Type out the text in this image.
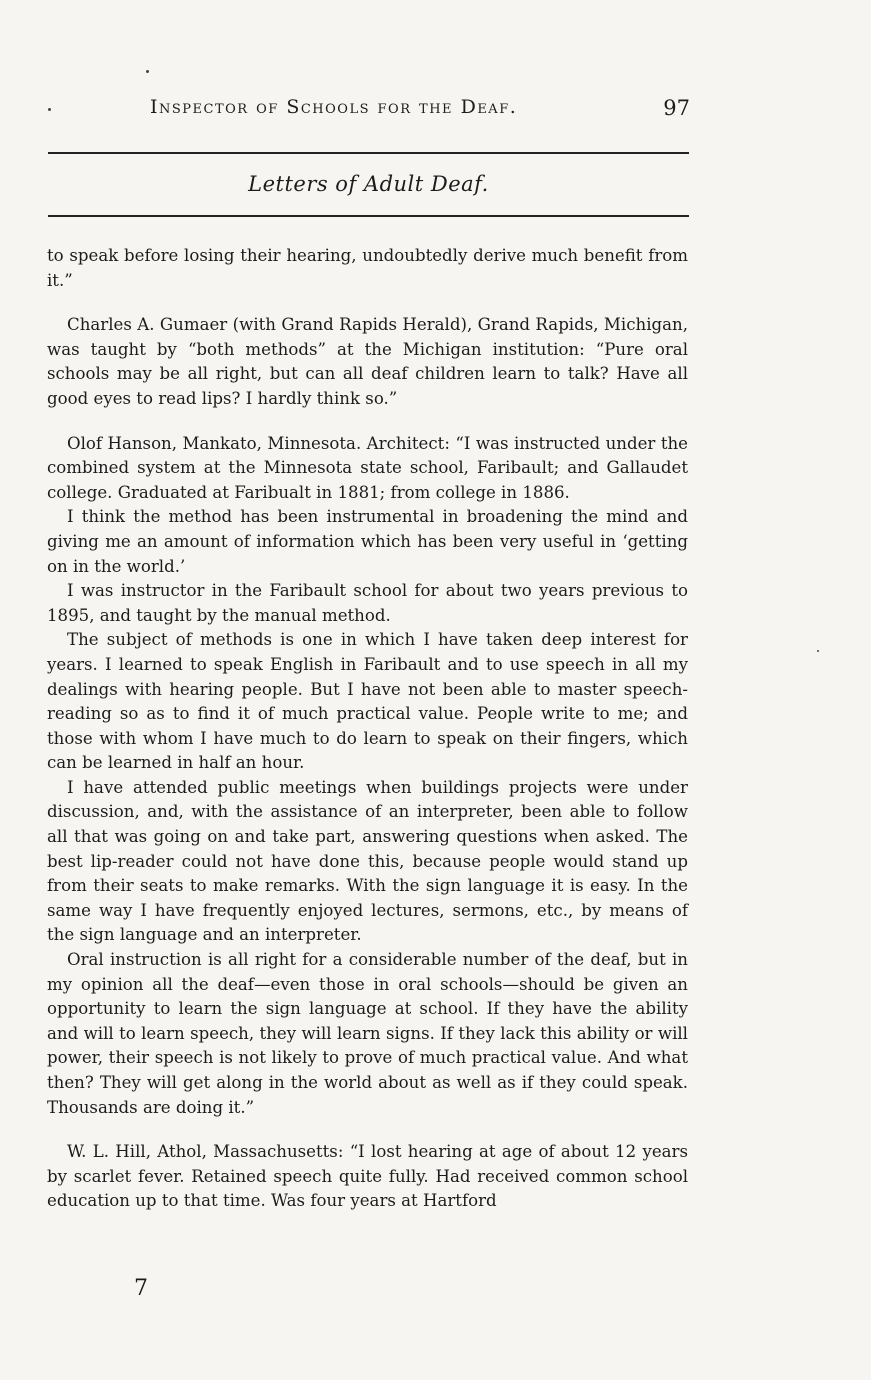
Inspector of Schools for the Deaf.	97
Letters of Adult Deaf.

to speak before losing their hearing, undoubtedly derive much benefit from it.”

Charles A. Gumaer (with Grand Rapids Herald), Grand Rapids, Michigan, was taught by “both methods” at the Michigan institution: “Pure oral schools may be all right, but can all deaf children learn to talk? Have all good eyes to read lips? I hardly think so.”

Olof Hanson, Mankato, Minnesota. Architect: “I was instructed under the combined system at the Minnesota state school, Faribault; and Gallaudet college. Graduated at Faribualt in 1881; from college in 1886.

I think the method has been instrumental in broadening the mind and giving me an amount of information which has been very useful in ‘getting on in the world.’

I was instructor in the Faribault school for about two years previous to 1895, and taught by the manual method.

The subject of methods is one in which I have taken deep interest for years. I learned to speak English in Faribault and to use speech in all my dealings with hearing people. But I have not been able to master speech-reading so as to find it of much practical value. People write to me; and those with whom I have much to do learn to speak on their fingers, which can be learned in half an hour.

I have attended public meetings when buildings projects were under discussion, and, with the assistance of an interpreter, been able to follow all that was going on and take part, answering questions when asked. The best lip-reader could not have done this, because people would stand up from their seats to make remarks. With the sign language it is easy. In the same way I have frequently enjoyed lectures, sermons, etc., by means of the sign language and an interpreter.

Oral instruction is all right for a considerable number of the deaf, but in my opinion all the deaf—even those in oral schools—should be given an opportunity to learn the sign language at school. If they have the ability and will to learn speech, they will learn signs. If they lack this ability or will power, their speech is not likely to prove of much practical value. And what then? They will get along in the world about as well as if they could speak. Thousands are doing it.”

W. L. Hill, Athol, Massachusetts: “I lost hearing at age of about 12 years by scarlet fever. Retained speech quite fully. Had received common school education up to that time. Was four years at Hartford

7
